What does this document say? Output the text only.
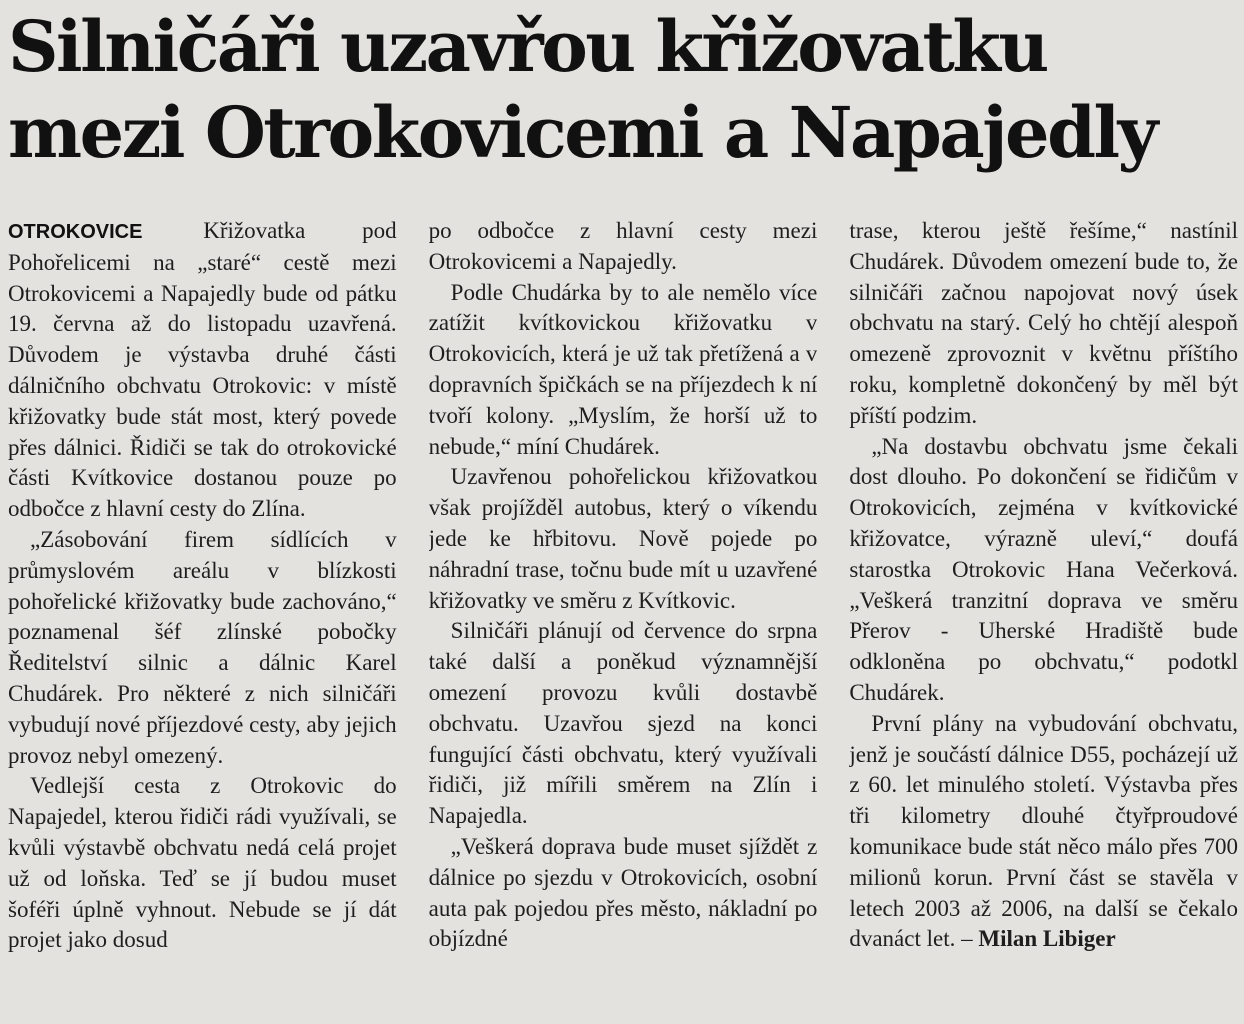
Silničáři uzavřou křižovatku
mezi Otrokovicemi a Napajedly

OTROKOVICE	Křižovatka pod Pohořelicemi na „staré“ cestě mezi Otrokovicemi a Napajedly bude od pátku 19. června až do listopadu uzavřená. Důvodem je výstavba druhé části dálničního obchvatu Otrokovic: v místě křižovatky bude stát most, který povede přes dálnici. Řidiči se tak do otrokovické části Kvítkovice dostanou pouze po odbočce z hlavní cesty do Zlína.

„Zásobování firem sídlících v průmyslovém areálu v blízkosti pohořelické křižovatky bude zachováno,“ poznamenal šéf zlínské pobočky Ředitelství silnic a dálnic Karel Chudárek. Pro některé z nich silničáři vybudují nové příjezdové cesty, aby jejich provoz nebyl omezený.

Vedlejší cesta z Otrokovic do Napajedel, kterou řidiči rádi využívali, se kvůli výstavbě obchvatu nedá celá projet už od loňska. Teď se jí budou muset šoféři úplně vyhnout. Nebude se jí dát projet jako dosud

po odbočce z hlavní cesty mezi Otrokovicemi a Napajedly.

Podle Chudárka by to ale nemělo více zatížit kvítkovickou křižovatku v Otrokovicích, která je už tak přetížená a v dopravních špičkách se na příjezdech k ní tvoří kolony. „Myslím, že horší už to nebude,“ míní Chudárek.

Uzavřenou pohořelickou křižovatkou však projížděl autobus, který o víkendu jede ke hřbitovu. Nově pojede po náhradní trase, točnu bude mít u uzavřené křižovatky ve směru z Kvítkovic.

Silničáři plánují od července do srpna také další a poněkud významnější omezení provozu kvůli dostavbě obchvatu. Uzavřou sjezd na konci fungující části obchvatu, který využívali řidiči, již mířili směrem na Zlín i Napajedla.

„Veškerá doprava bude muset sjíždět z dálnice po sjezdu v Otrokovicích, osobní auta pak pojedou přes město, nákladní po objízdné

trase, kterou ještě řešíme,“ nastínil Chudárek. Důvodem omezení bude to, že silničáři začnou napojovat nový úsek obchvatu na starý. Celý ho chtějí alespoň omezeně zprovoznit v květnu příštího roku, kompletně dokončený by měl být příští podzim.

„Na dostavbu obchvatu jsme čekali dost dlouho. Po dokončení se řidičům v Otrokovicích, zejména v kvítkovické křižovatce, výrazně uleví,“ doufá starostka Otrokovic Hana Večerková. „Veškerá tranzitní doprava ve směru Přerov - Uherské Hradiště bude odkloněna po obchvatu,“ podotkl Chudárek.

První plány na vybudování obchvatu, jenž je součástí dálnice D55, pocházejí už z 60. let minulého století. Výstavba přes tři kilometry dlouhé čtyřproudové komunikace bude stát něco málo přes 700 milionů korun. První část se stavěla v letech 2003 až 2006, na další se čekalo dvanáct let. – Milan Libiger
